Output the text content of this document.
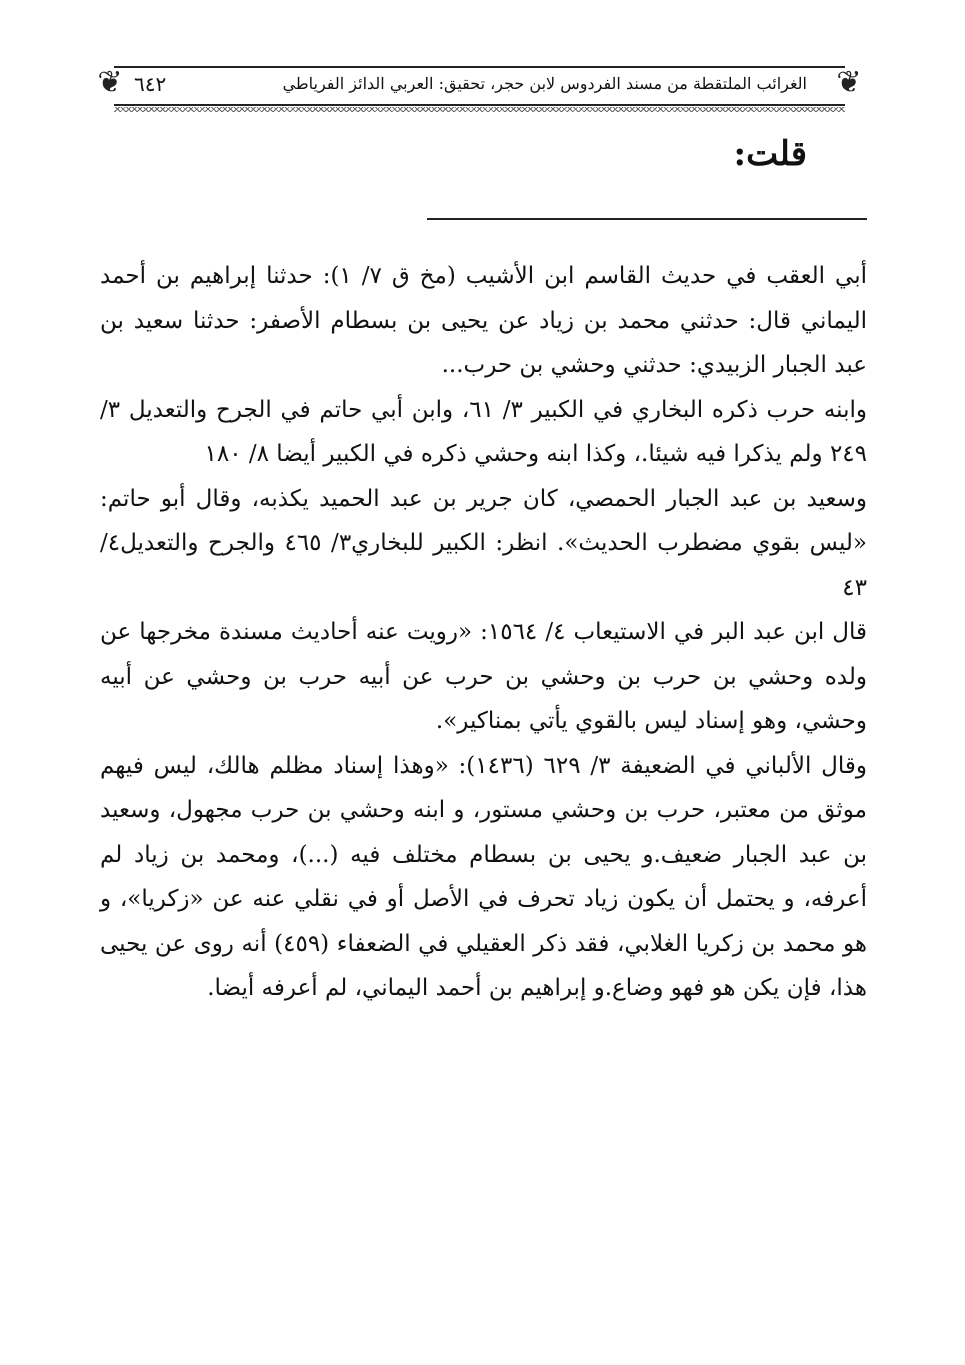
❦	❦
٦٤٢	الغرائب الملتقطة من مسند الفردوس لابن حجر، تحقيق: العربي الدائز الفرياطي
قلت:

أبي العقب في حديث القاسم ابن الأشيب (مخ ق ٧/ ١): حدثنا إبراهيم بن أحمد اليماني قال: حدثني محمد بن زياد عن يحيى بن بسطام الأصفر: حدثنا سعيد بن عبد الجبار الزبيدي: حدثني وحشي بن حرب...

وابنه حرب ذكره البخاري في الكبير ٣/ ٦١، وابن أبي حاتم في الجرح والتعديل ٣/ ٢٤٩ ولم يذكرا فيه شيئا.، وكذا ابنه وحشي ذكره في الكبير أيضا ٨/ ١٨٠

وسعيد بن عبد الجبار الحمصي، كان جرير بن عبد الحميد يكذبه، وقال أبو حاتم: «ليس بقوي مضطرب الحديث». انظر: الكبير للبخاري٣/ ٤٦٥ والجرح والتعديل٤/ ٤٣

قال ابن عبد البر في الاستيعاب ٤/ ١٥٦٤: «رويت عنه أحاديث مسندة مخرجها عن ولده وحشي بن حرب بن وحشي بن حرب عن أبيه حرب بن وحشي عن أبيه وحشي، وهو إسناد ليس بالقوي يأتي بمناكير».

وقال الألباني في الضعيفة ٣/ ٦٢٩ (١٤٣٦): «وهذا إسناد مظلم هالك، ليس فيهم موثق من معتبر، حرب بن وحشي مستور، و ابنه وحشي بن حرب مجهول، وسعيد بن عبد الجبار ضعيف.و يحيى بن بسطام مختلف فيه (...)، ومحمد بن زياد لم أعرفه، و يحتمل أن يكون زياد تحرف في الأصل أو في نقلي عنه عن «زكريا»، و هو محمد بن زكريا الغلابي، فقد ذكر العقيلي في الضعفاء (٤٥٩) أنه روى عن يحيى هذا، فإن يكن هو فهو وضاع.و إبراهيم بن أحمد اليماني، لم أعرفه أيضا.
